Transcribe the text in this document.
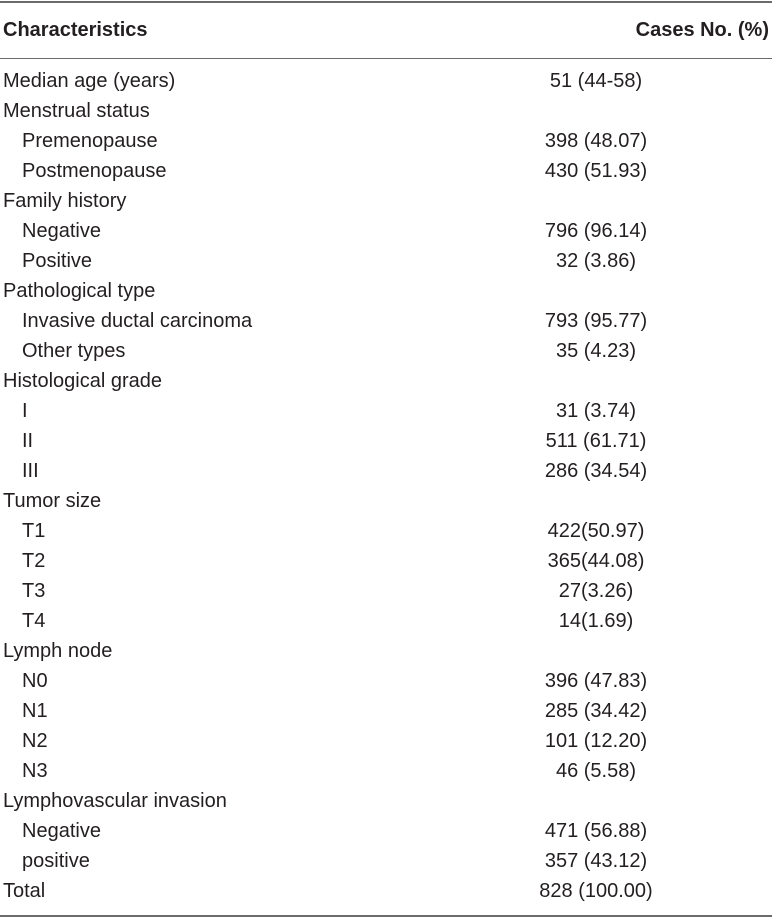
Characteristics	Cases No. (%)
Median age (years)	51 (44-58)
Menstrual status
Premenopause	398 (48.07)
Postmenopause	430 (51.93)
Family history
Negative	796 (96.14)
Positive	32 (3.86)
Pathological type
Invasive ductal carcinoma	793 (95.77)
Other types	35 (4.23)
Histological grade
I	31 (3.74)
II	511 (61.71)
III	286 (34.54)
Tumor size
T1	422(50.97)
T2	365(44.08)
T3	27(3.26)
T4	14(1.69)
Lymph node
N0	396 (47.83)
N1	285 (34.42)
N2	101 (12.20)
N3	46 (5.58)
Lymphovascular invasion
Negative	471 (56.88)
positive	357 (43.12)
Total	828 (100.00)
